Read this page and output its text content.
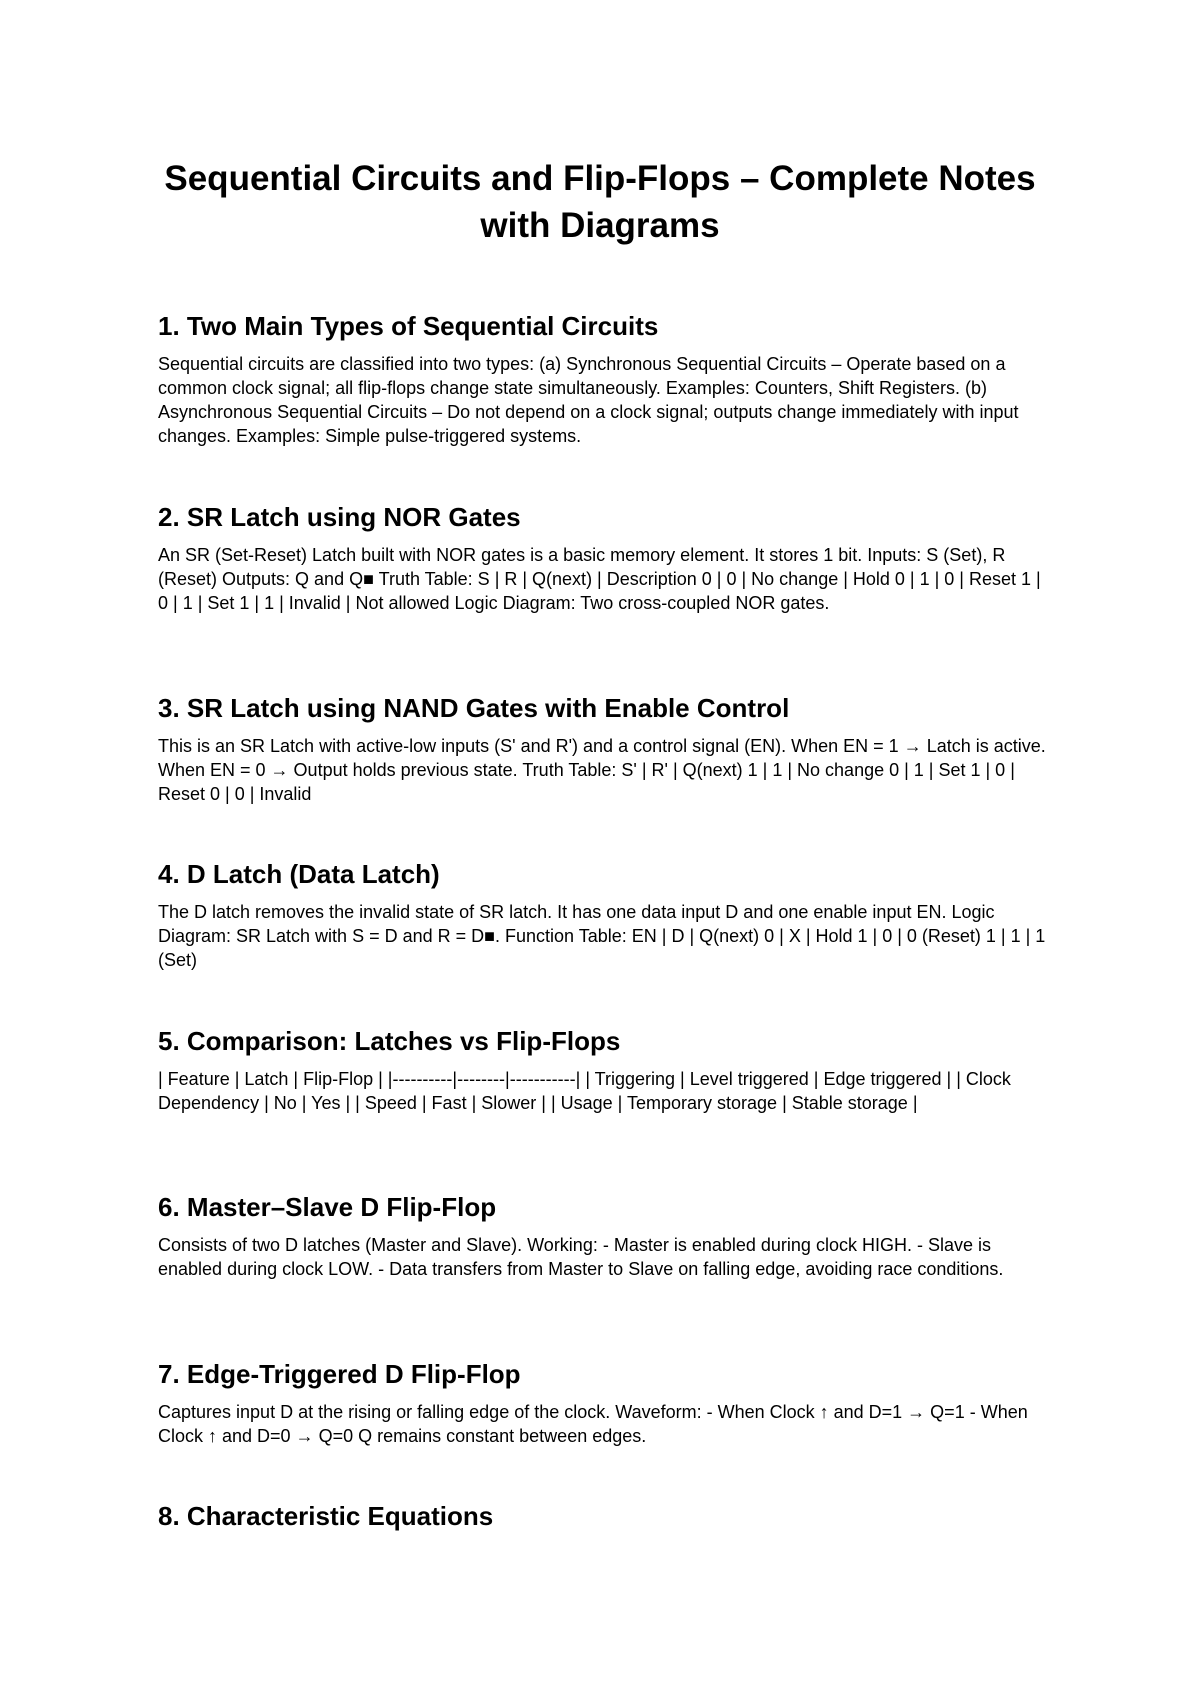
Sequential Circuits and Flip-Flops – Complete Notes with Diagrams
1. Two Main Types of Sequential Circuits

Sequential circuits are classified into two types: (a) Synchronous Sequential Circuits – Operate based on a common clock signal; all flip-flops change state simultaneously. Examples: Counters, Shift Registers. (b) Asynchronous Sequential Circuits – Do not depend on a clock signal; outputs change immediately with input changes. Examples: Simple pulse-triggered systems.

2. SR Latch using NOR Gates

An SR (Set-Reset) Latch built with NOR gates is a basic memory element. It stores 1 bit. Inputs: S (Set), R (Reset) Outputs: Q and Q■ Truth Table: S | R | Q(next) | Description 0 | 0 | No change | Hold 0 | 1 | 0 | Reset 1 | 0 | 1 | Set 1 | 1 | Invalid | Not allowed Logic Diagram: Two cross-coupled NOR gates.

3. SR Latch using NAND Gates with Enable Control

This is an SR Latch with active-low inputs (S' and R') and a control signal (EN). When EN = 1 → Latch is active. When EN = 0 → Output holds previous state. Truth Table: S' | R' | Q(next) 1 | 1 | No change 0 | 1 | Set 1 | 0 | Reset 0 | 0 | Invalid

4. D Latch (Data Latch)

The D latch removes the invalid state of SR latch. It has one data input D and one enable input EN. Logic Diagram: SR Latch with S = D and R = D■. Function Table: EN | D | Q(next) 0 | X | Hold 1 | 0 | 0 (Reset) 1 | 1 | 1 (Set)

5. Comparison: Latches vs Flip-Flops

| Feature | Latch | Flip-Flop | |----------|--------|-----------| | Triggering | Level triggered | Edge triggered | | Clock Dependency | No | Yes | | Speed | Fast | Slower | | Usage | Temporary storage | Stable storage |

6. Master–Slave D Flip-Flop

Consists of two D latches (Master and Slave). Working: - Master is enabled during clock HIGH. - Slave is enabled during clock LOW. - Data transfers from Master to Slave on falling edge, avoiding race conditions.

7. Edge-Triggered D Flip-Flop

Captures input D at the rising or falling edge of the clock. Waveform: - When Clock ↑ and D=1 → Q=1 - When Clock ↑ and D=0 → Q=0 Q remains constant between edges.

8. Characteristic Equations
